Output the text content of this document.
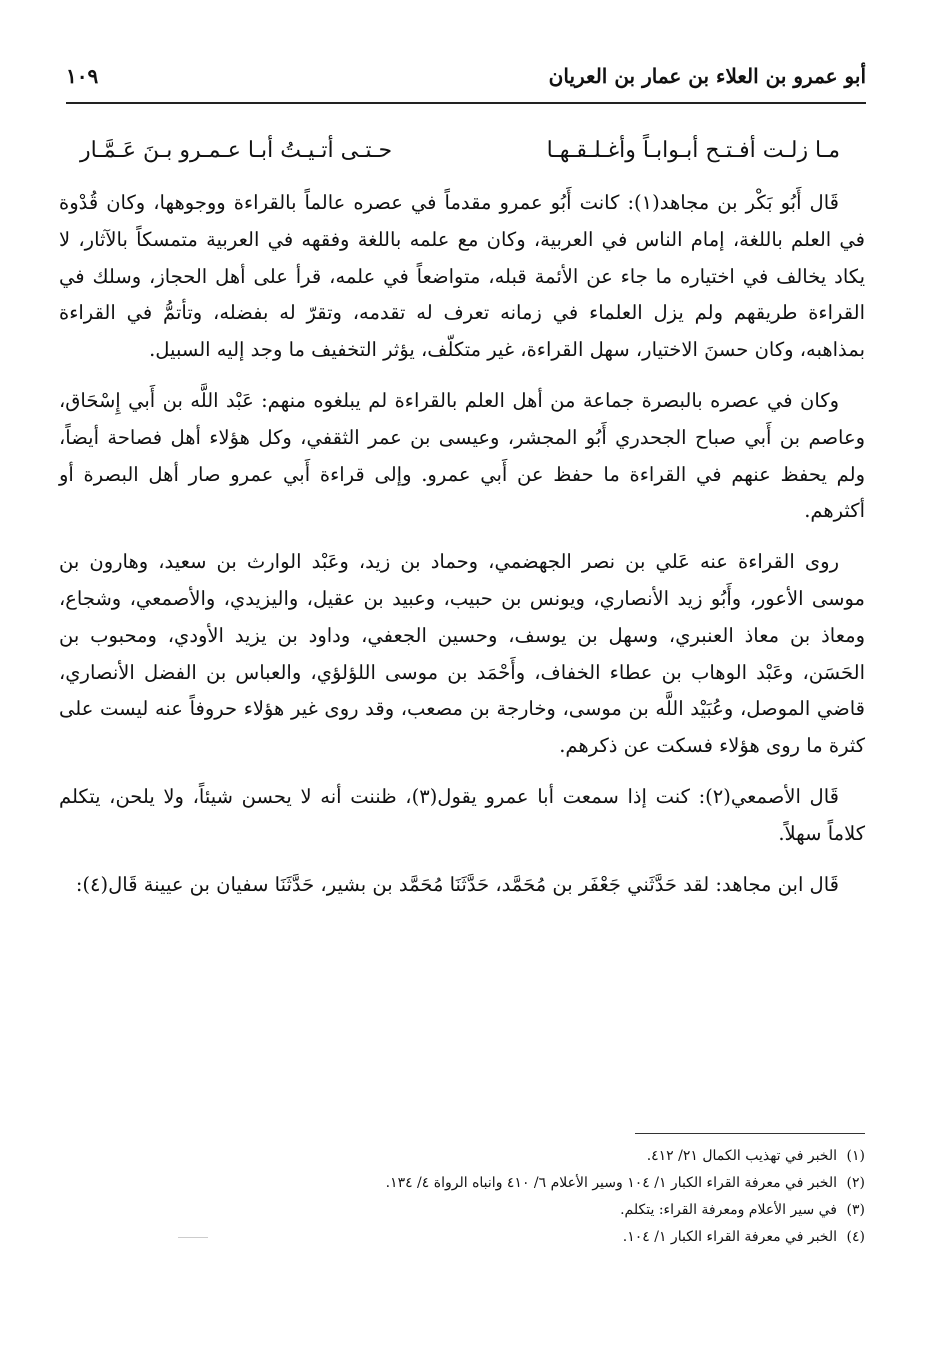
أبو عمرو بن العلاء بن عمار بن العريان
١٠٩
مـا زلـت أفـتـح أبـوابـاً وأغـلـقـهـا
حـتـى أتـيـتُ أبـا عـمـرو بـنَ عَـمَّـار

قَال أَبُو بَكْر بن مجاهد(١): كانت أَبُو عمرو مقدماً في عصره عالماً بالقراءة ووجوهها، وكان قُدْوة في العلم باللغة، إمام الناس في العربية، وكان مع علمه باللغة وفقهه في العربية متمسكاً بالآثار، لا يكاد يخالف في اختياره ما جاء عن الأئمة قبله، متواضعاً في علمه، قرأ على أهل الحجاز، وسلك في القراءة طريقهم ولم يزل العلماء في زمانه تعرف له تقدمه، وتقرّ له بفضله، وتأتمُّ في القراءة بمذاهبه، وكان حسنَ الاختيار، سهل القراءة، غير متكلّف، يؤثر التخفيف ما وجد إليه السبيل.

وكان في عصره بالبصرة جماعة من أهل العلم بالقراءة لم يبلغوه منهم: عَبْد اللَّه بن أَبي إِسْحَاق، وعاصم بن أَبي صباح الجحدري أَبُو المجشر، وعيسى بن عمر الثقفي، وكل هؤلاء أهل فصاحة أيضاً، ولم يحفظ عنهم في القراءة ما حفظ عن أَبي عمرو. وإلى قراءة أَبي عمرو صار أهل البصرة أو أكثرهم.

روى القراءة عنه عَلي بن نصر الجهضمي، وحماد بن زيد، وعَبْد الوارث بن سعيد، وهارون بن موسى الأعور، وأَبُو زيد الأنصاري، ويونس بن حبيب، وعبيد بن عقيل، واليزيدي، والأصمعي، وشجاع، ومعاذ بن معاذ العنبري، وسهل بن يوسف، وحسين الجعفي، وداود بن يزيد الأودي، ومحبوب بن الحَسَن، وعَبْد الوهاب بن عطاء الخفاف، وأَحْمَد بن موسى اللؤلؤي، والعباس بن الفضل الأنصاري، قاضي الموصل، وعُبَيْد اللَّه بن موسى، وخارجة بن مصعب، وقد روى غير هؤلاء حروفاً عنه ليست على كثرة ما روى هؤلاء فسكت عن ذكرهم.

قَال الأصمعي(٢): كنت إذا سمعت أبا عمرو يقول(٣)، ظننت أنه لا يحسن شيئاً، ولا يلحن، يتكلم كلاماً سهلاً.

قَال ابن مجاهد: لقد حَدَّثَني جَعْفَر بن مُحَمَّد، حَدَّثَنَا مُحَمَّد بن بشير، حَدَّثَنَا سفيان بن عيينة قَال(٤):

(١)الخبر في تهذيب الكمال ٢١/ ٤١٢.
(٢)الخبر في معرفة القراء الكبار ١/ ١٠٤ وسير الأعلام ٦/ ٤١٠ وانباه الرواة ٤/ ١٣٤.
(٣)في سير الأعلام ومعرفة القراء: يتكلم.
(٤)الخبر في معرفة القراء الكبار ١/ ١٠٤.
